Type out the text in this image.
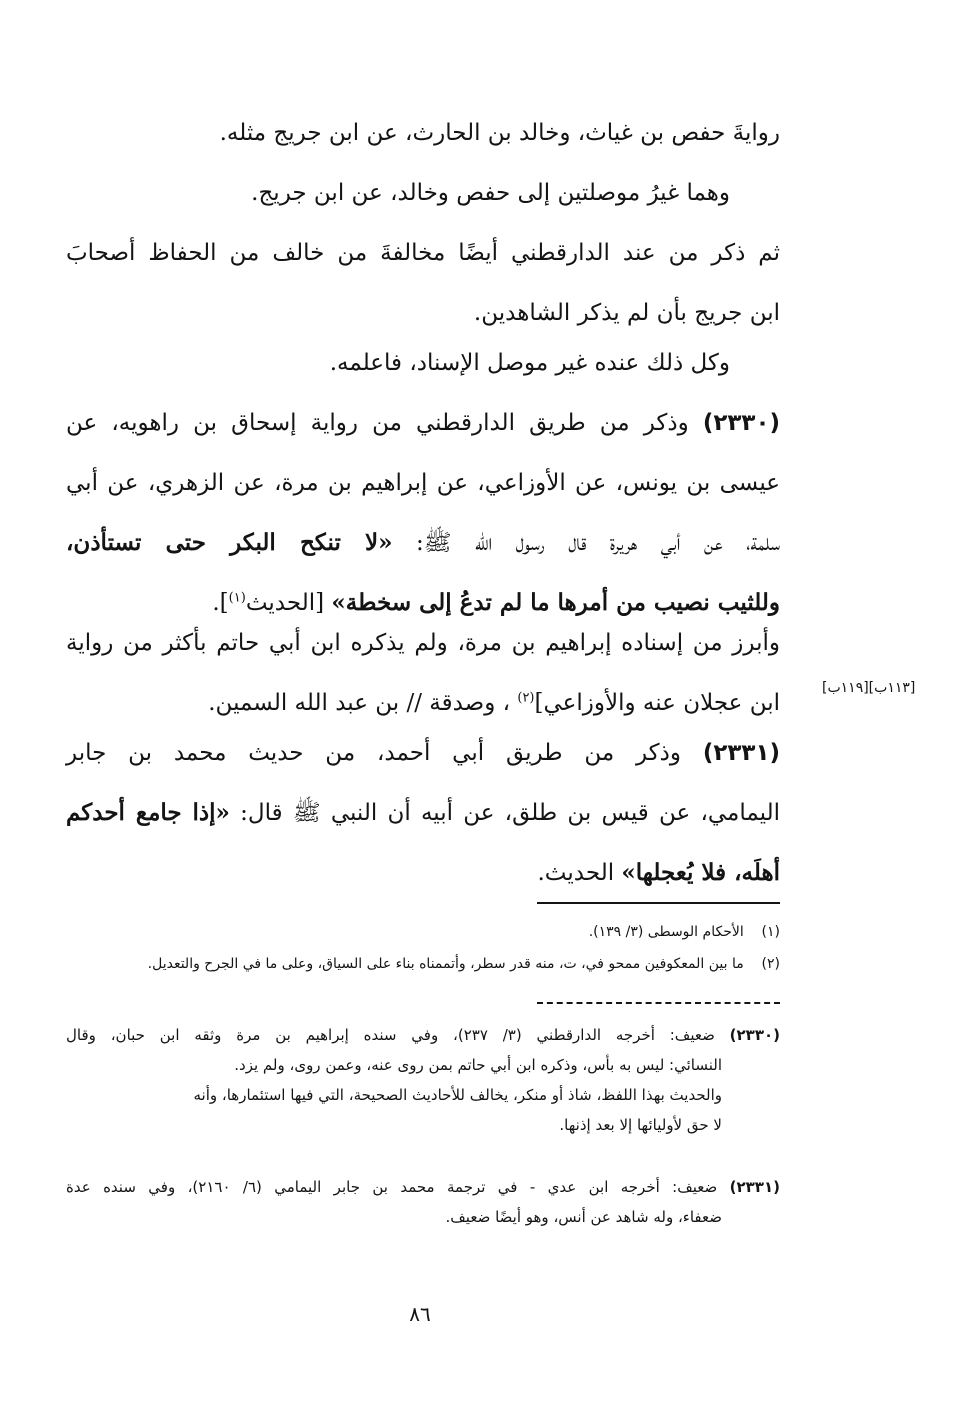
روايةَ حفص بن غياث، وخالد بن الحارث، عن ابن جريج مثله.
وهما غيرُ موصلتين إلى حفص وخالد، عن ابن جريج.
ثم ذكر من عند الدارقطني أيضًا مخالفةَ من خالف من الحفاظ أصحابَ
ابن جريج بأن لم يذكر الشاهدين.
وكل ذلك عنده غير موصل الإسناد، فاعلمه.
(٢٣٣٠) وذكر من طريق الدارقطني من رواية إسحاق بن راهويه، عن
عيسى بن يونس، عن الأوزاعي، عن إبراهيم بن مرة، عن الزهري، عن أبي
سلمة، عن أبي هريرة قال رسول الله ﷺ: «لا تنكح البكر حتى تستأذن،
وللثيب نصيب من أمرها ما لم تدعُ إلى سخطة» [الحديث$^{(١)}$].
وأبرز من إسناده إبراهيم بن مرة، ولم يذكره ابن أبي حاتم بأكثر من رواية
ابن عجلان عنه والأوزاعي]$^{(٢)}$ ، وصدقة // بن عبد الله السمين.
(٢٣٣١) وذكر من طريق أبي أحمد، من حديث محمد بن جابر
اليمامي، عن قيس بن طلق، عن أبيه أن النبي ﷺ قال: «إذا جامع أحدكم
أهلَه، فلا يُعجلها» الحديث.
[١١٩ب][١١٣ب]
(١)    الأحكام الوسطى (٣/ ١٣٩).
(٢)    ما بين المعكوفين ممحو في، ت، منه قدر سطر، وأتممناه بناء على السياق، وعلى ما في الجرح والتعديل.
(٢٣٣٠) ضعيف: أخرجه الدارقطني (٣/ ٢٣٧)، وفي سنده إبراهيم بن مرة وثقه ابن حبان، وقال
النسائي: ليس به بأس، وذكره ابن أبي حاتم بمن روى عنه، وعمن روى، ولم يزد.
والحديث بهذا اللفظ، شاذ أو منكر، يخالف للأحاديث الصحيحة، التي فيها استئمارها، وأنه
لا حق لأوليائها إلا بعد إذنها.
(٢٣٣١) ضعيف: أخرجه ابن عدي - في ترجمة محمد بن جابر اليمامي (٦/ ٢١٦٠)، وفي سنده عدة
ضعفاء، وله شاهد عن أنس، وهو أيضًا ضعيف.
٨٦
